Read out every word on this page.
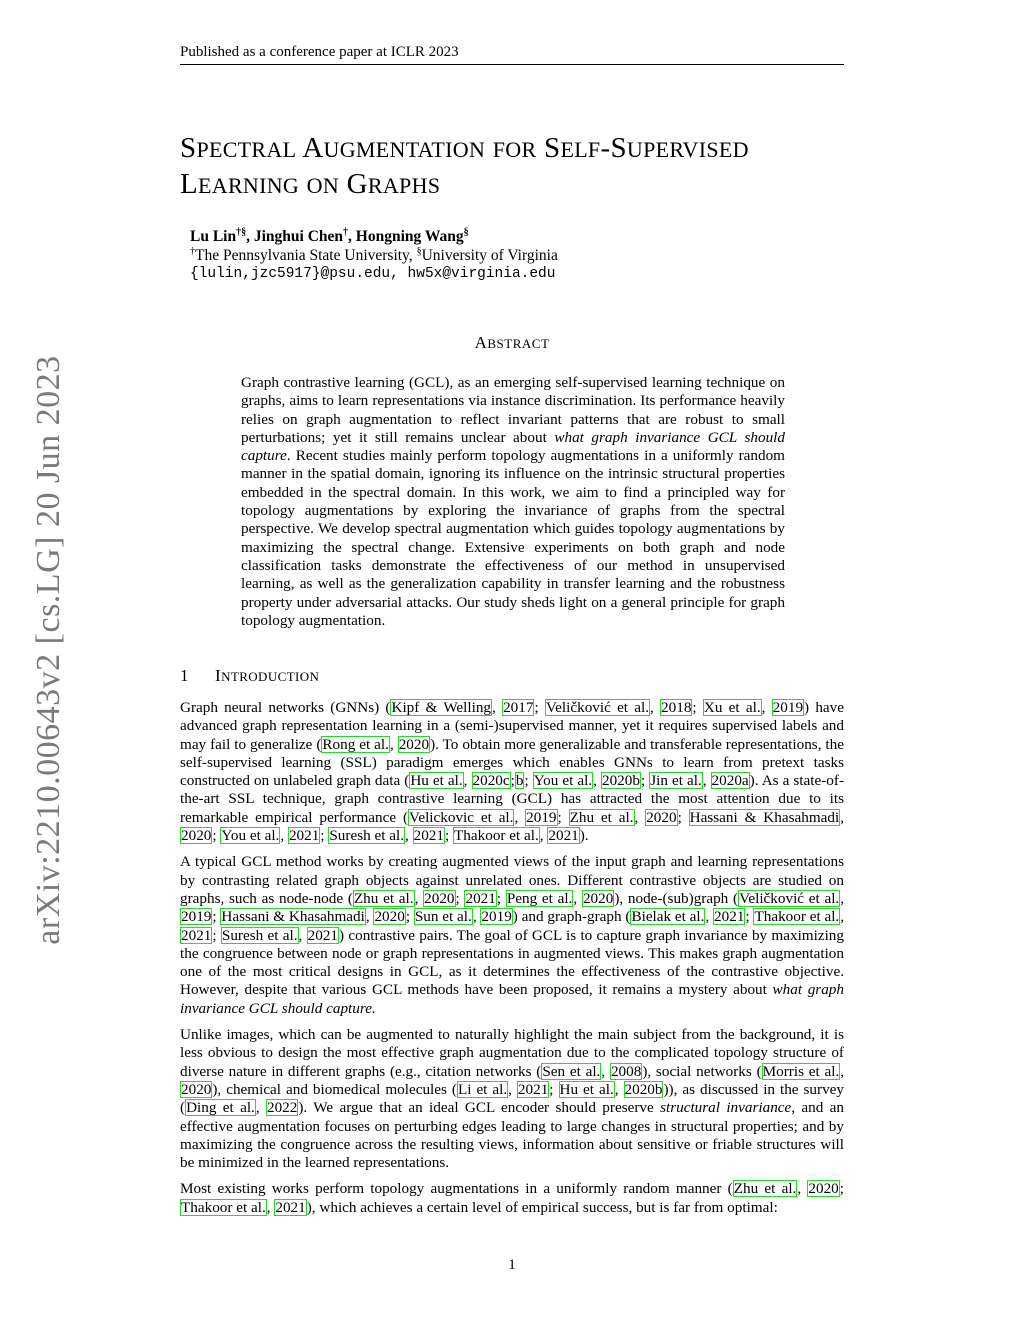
Published as a conference paper at ICLR 2023
arXiv:2210.00643v2 [cs.LG] 20 Jun 2023
SPECTRAL AUGMENTATION FOR SELF-SUPERVISED
LEARNING ON GRAPHS
Lu Lin†§, Jinghui Chen†, Hongning Wang§
†The Pennsylvania State University, §University of Virginia
{lulin,jzc5917}@psu.edu, hw5x@virginia.edu
ABSTRACT

Graph contrastive learning (GCL), as an emerging self-supervised learning technique on graphs, aims to learn representations via instance discrimination. Its performance heavily relies on graph augmentation to reflect invariant patterns that are robust to small perturbations; yet it still remains unclear about what graph invariance GCL should capture. Recent studies mainly perform topology augmentations in a uniformly random manner in the spatial domain, ignoring its influence on the intrinsic structural properties embedded in the spectral domain. In this work, we aim to find a principled way for topology augmentations by exploring the invariance of graphs from the spectral perspective. We develop spectral augmentation which guides topology augmentations by maximizing the spectral change. Extensive experiments on both graph and node classification tasks demonstrate the effectiveness of our method in unsupervised learning, as well as the generalization capability in transfer learning and the robustness property under adversarial attacks. Our study sheds light on a general principle for graph topology augmentation.

1 INTRODUCTION

Graph neural networks (GNNs) (Kipf & Welling, 2017; Veličković et al., 2018; Xu et al., 2019) have advanced graph representation learning in a (semi-)supervised manner, yet it requires supervised labels and may fail to generalize (Rong et al., 2020). To obtain more generalizable and transferable representations, the self-supervised learning (SSL) paradigm emerges which enables GNNs to learn from pretext tasks constructed on unlabeled graph data (Hu et al., 2020c;b; You et al., 2020b; Jin et al., 2020a). As a state-of-the-art SSL technique, graph contrastive learning (GCL) has attracted the most attention due to its remarkable empirical performance (Velickovic et al., 2019; Zhu et al., 2020; Hassani & Khasahmadi, 2020; You et al., 2021; Suresh et al., 2021; Thakoor et al., 2021).

A typical GCL method works by creating augmented views of the input graph and learning representations by contrasting related graph objects against unrelated ones. Different contrastive objects are studied on graphs, such as node-node (Zhu et al., 2020; 2021; Peng et al., 2020), node-(sub)graph (Veličković et al., 2019; Hassani & Khasahmadi, 2020; Sun et al., 2019) and graph-graph (Bielak et al., 2021; Thakoor et al., 2021; Suresh et al., 2021) contrastive pairs. The goal of GCL is to capture graph invariance by maximizing the congruence between node or graph representations in augmented views. This makes graph augmentation one of the most critical designs in GCL, as it determines the effectiveness of the contrastive objective. However, despite that various GCL methods have been proposed, it remains a mystery about what graph invariance GCL should capture.

Unlike images, which can be augmented to naturally highlight the main subject from the background, it is less obvious to design the most effective graph augmentation due to the complicated topology structure of diverse nature in different graphs (e.g., citation networks (Sen et al., 2008), social networks (Morris et al., 2020), chemical and biomedical molecules (Li et al., 2021; Hu et al., 2020b)), as discussed in the survey (Ding et al., 2022). We argue that an ideal GCL encoder should preserve structural invariance, and an effective augmentation focuses on perturbing edges leading to large changes in structural properties; and by maximizing the congruence across the resulting views, information about sensitive or friable structures will be minimized in the learned representations.

Most existing works perform topology augmentations in a uniformly random manner (Zhu et al., 2020; Thakoor et al., 2021), which achieves a certain level of empirical success, but is far from optimal:

1
